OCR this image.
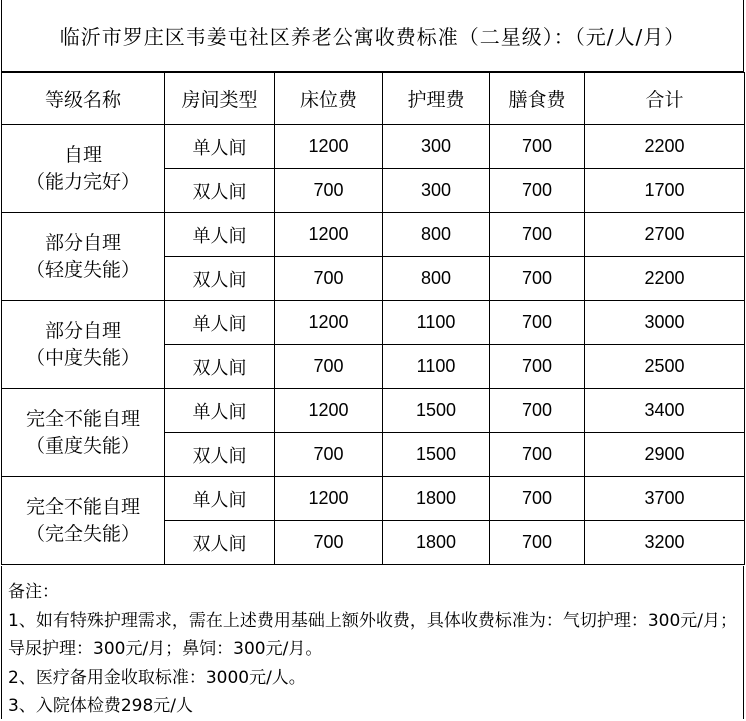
临沂市罗庄区韦姜屯社区养老公寓收费标准（二星级）：（元/人/月）
等级名称	房间类型	床位费	护理费	膳食费	合计

自理
（能力完好）	单人间	1200	300	700	2200
	双人间	700	300	700	1700

部分自理
（轻度失能）	单人间	1200	800	700	2700
	双人间	700	800	700	2200

部分自理
（中度失能）	单人间	1200	1100	700	3000
	双人间	700	1100	700	2500

完全不能自理
（重度失能）	单人间	1200	1500	700	3400
	双人间	700	1500	700	2900

完全不能自理
（完全失能）	单人间	1200	1800	700	3700
	双人间	700	1800	700	3200
备注：
1、如有特殊护理需求，需在上述费用基础上额外收费，具体收费标准为：气切护理：300元/月；导尿护理：300元/月；鼻饲：300元/月。
2、医疗备用金收取标准：3000元/人。
3、入院体检费298元/人
